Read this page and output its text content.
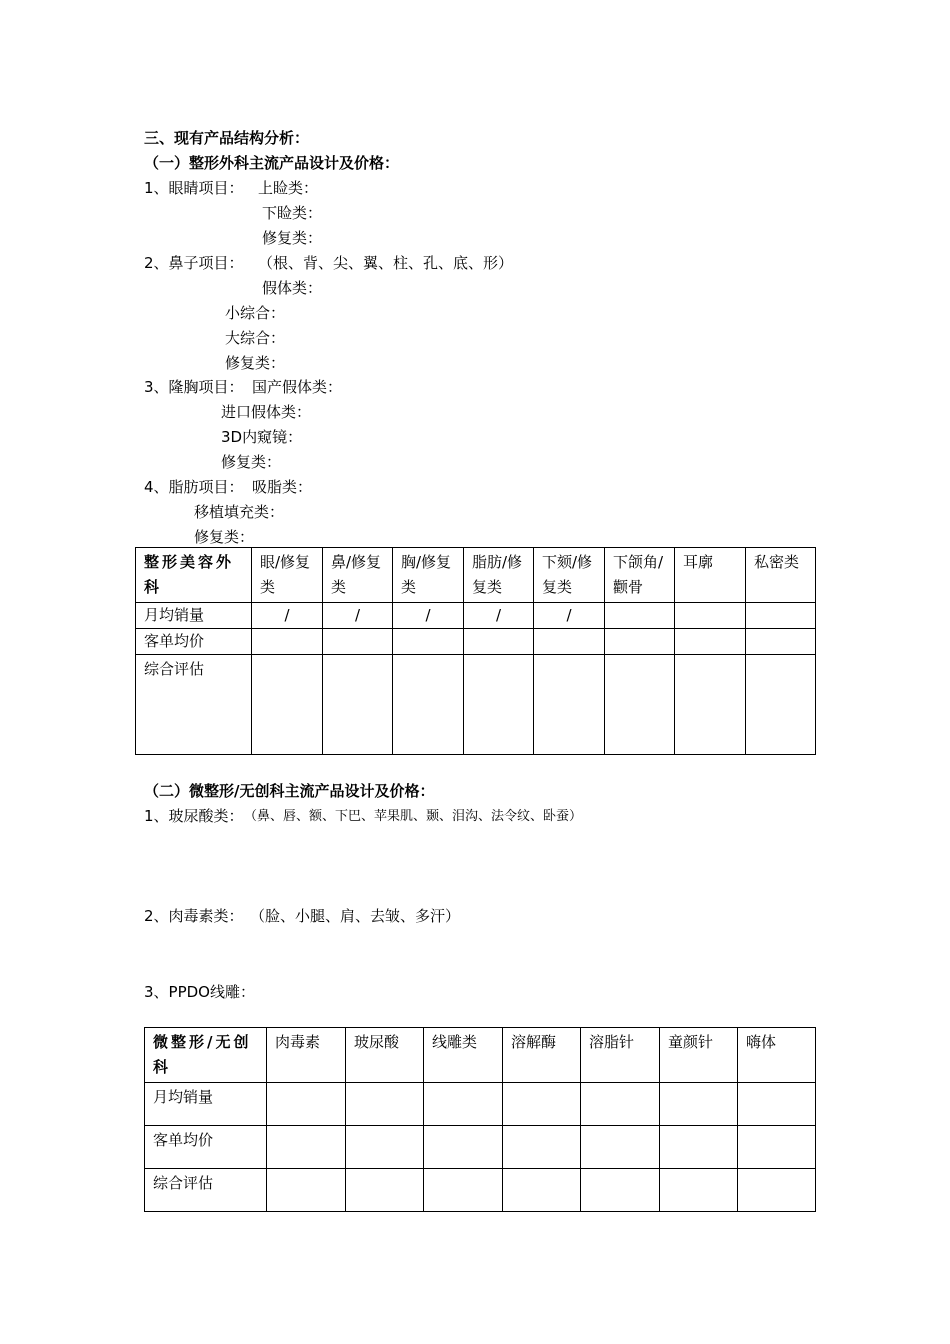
三、现有产品结构分析：
（一）整形外科主流产品设计及价格：
1、眼睛项目： 上睑类：
下睑类：
修复类：
2、鼻子项目： （根、背、尖、翼、柱、孔、底、形）
假体类：
小综合：
大综合：
修复类：
3、隆胸项目： 国产假体类：
进口假体类：
3D内窥镜：
修复类：
4、脂肪项目： 吸脂类：
移植填充类：
修复类：
整形美容外科	眼/修复类	鼻/修复类	胸/修复类	脂肪/修复类	下颏/修复类	下颌角/颧骨	耳廓	私密类
月均销量	/	/	/	/	/			
客单均价								
综合评估								
（二）微整形/无创科主流产品设计及价格：
1、玻尿酸类： （鼻、唇、额、下巴、苹果肌、颞、泪沟、法令纹、卧蚕）
2、肉毒素类： （脸、小腿、肩、去皱、多汗）
3、PPDO线雕：
微整形/无创科	肉毒素	玻尿酸	线雕类	溶解酶	溶脂针	童颜针	嗨体
月均销量							
客单均价							
综合评估							
